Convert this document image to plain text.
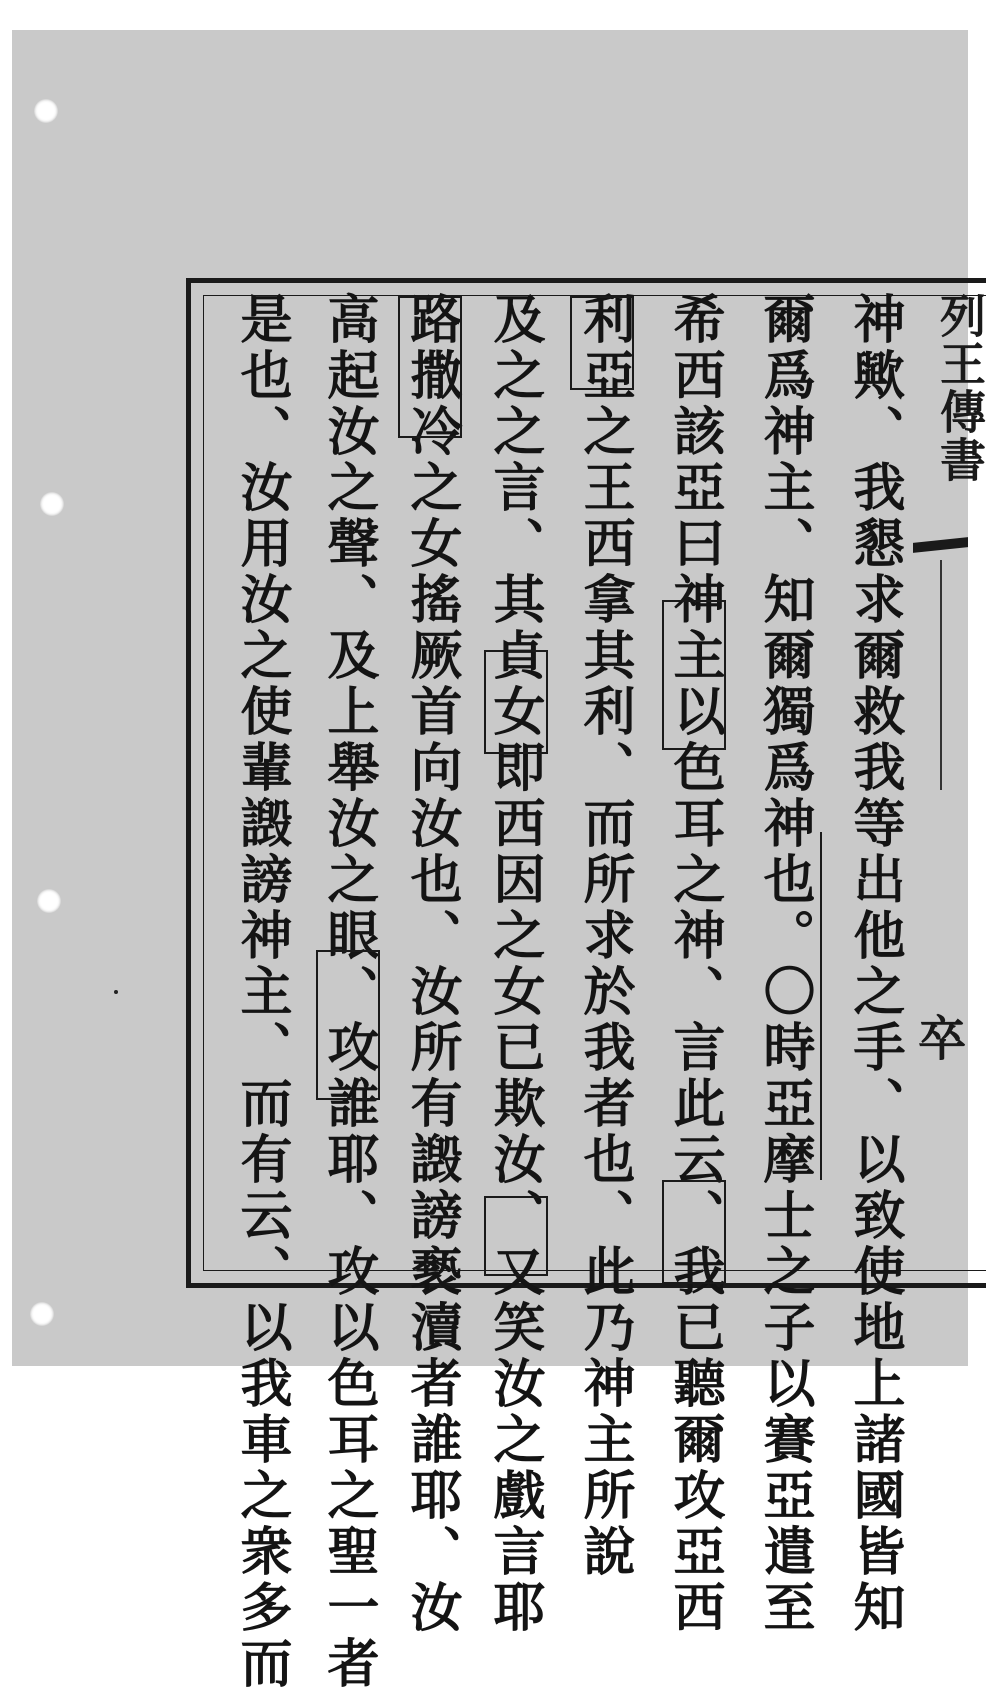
列王傳書
卒
神歟、我懇求爾救我等出他之手、以致使地上諸國皆知
爾爲神主、知爾獨爲神也。〇時亞摩士之子以賽亞遣至
希西該亞曰神主以色耳之神、言此云、我已聽爾攻亞西
利亞之王西拿其利、而所求於我者也、此乃神主所說
及之之言、其貞女即西因之女已欺汝、又笑汝之戲言耶
路撒冷之女搖厥首向汝也、汝所有譭謗褻瀆者誰耶、汝
高起汝之聲、及上舉汝之眼、攻誰耶、攻以色耳之聖一者
是也、汝用汝之使輩譭謗神主、而有云、以我車之衆多而
